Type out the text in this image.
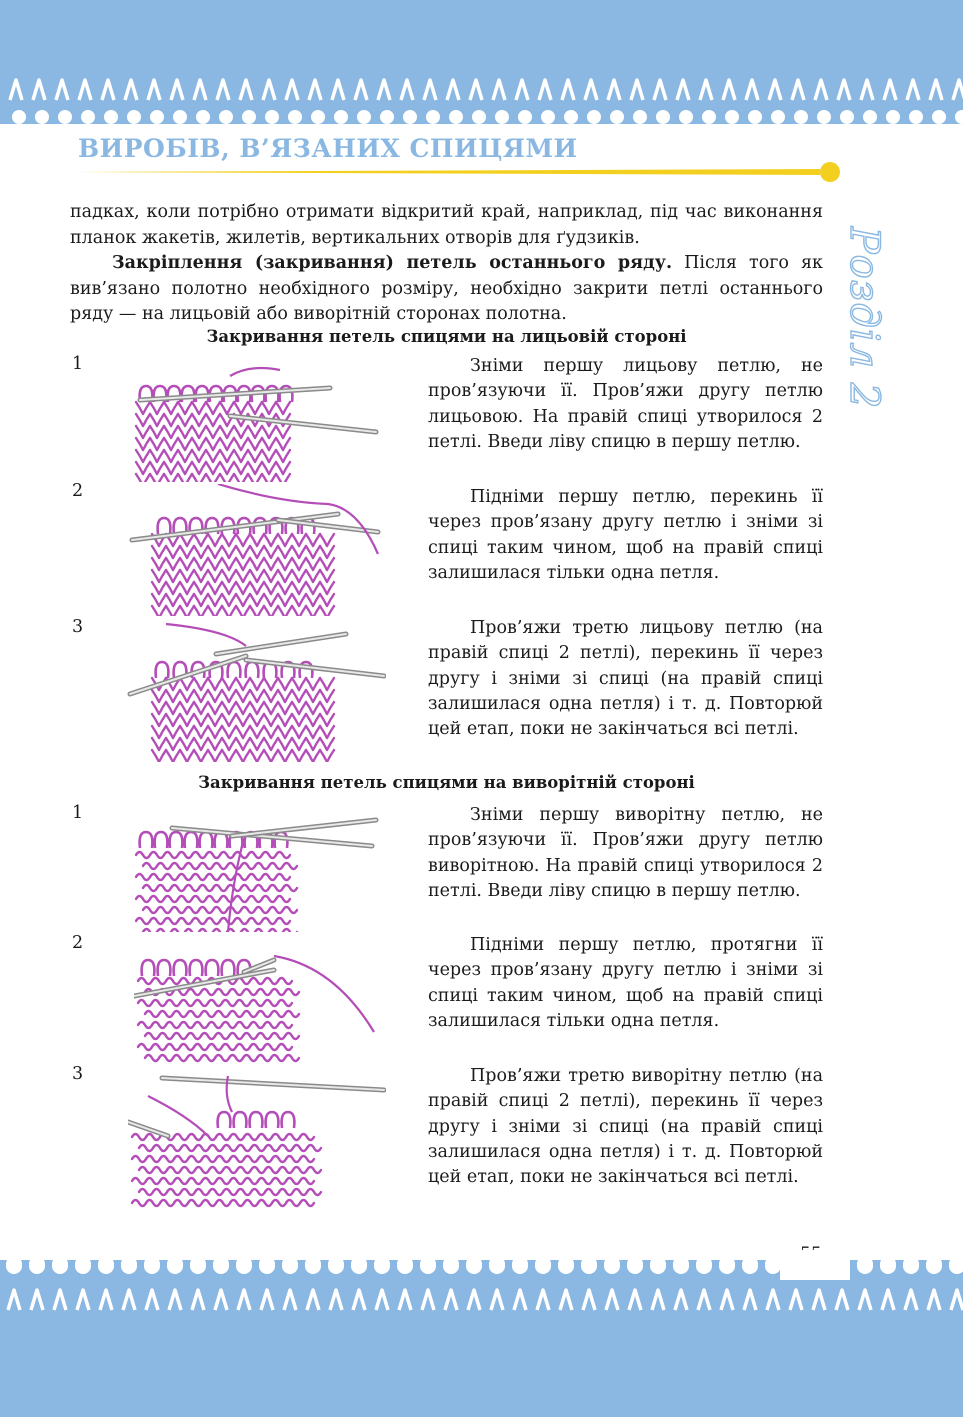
ВИРОБІВ, В’ЯЗАНИХ СПИЦЯМИ
Розділ 2

падках, коли потрібно отримати відкритий край, наприклад, під час виконання планок жакетів, жилетів, вертикальних отворів для ґудзиків.

Закріплення (закривання) петель останнього ряду. Після того як вив’язано полотно необхідного розміру, необхідно закрити петлі останнього ряду — на лицьовій або виворітній сторонах полотна.

Закривання петель спицями на лицьовій стороні
1	Зніми першу лицьову петлю, не пров’язуючи її. Пров’яжи другу петлю лицьовою. На правій спиці утворилося 2 петлі. Введи ліву спицю в першу петлю.

2	Підніми першу петлю, перекинь її через пров’язану другу петлю і зніми зі спиці таким чином, щоб на правій спиці залишилася тільки одна петля.

3	Пров’яжи третю лицьову петлю (на правій спиці 2 петлі), перекинь її через другу і зніми зі спиці (на правій спиці залишилася одна петля) і т. д. Повторюй цей етап, поки не закінчаться всі петлі.

Закривання петель спицями на виворітній стороні
1	Зніми першу виворітну петлю, не пров’язуючи її. Пров’яжи другу петлю виворітною. На правій спиці утворилося 2 петлі. Введи ліву спицю в першу петлю.

2	Підніми першу петлю, протягни її через пров’язану другу петлю і зніми зі спиці таким чином, щоб на правій спиці залишилася тільки одна петля.

3	Пров’яжи третю виворітну петлю (на правій спиці 2 петлі), перекинь її через другу і зніми зі спиці (на правій спиці залишилася одна петля) і т. д. Повторюй цей етап, поки не закінчаться всі петлі.
